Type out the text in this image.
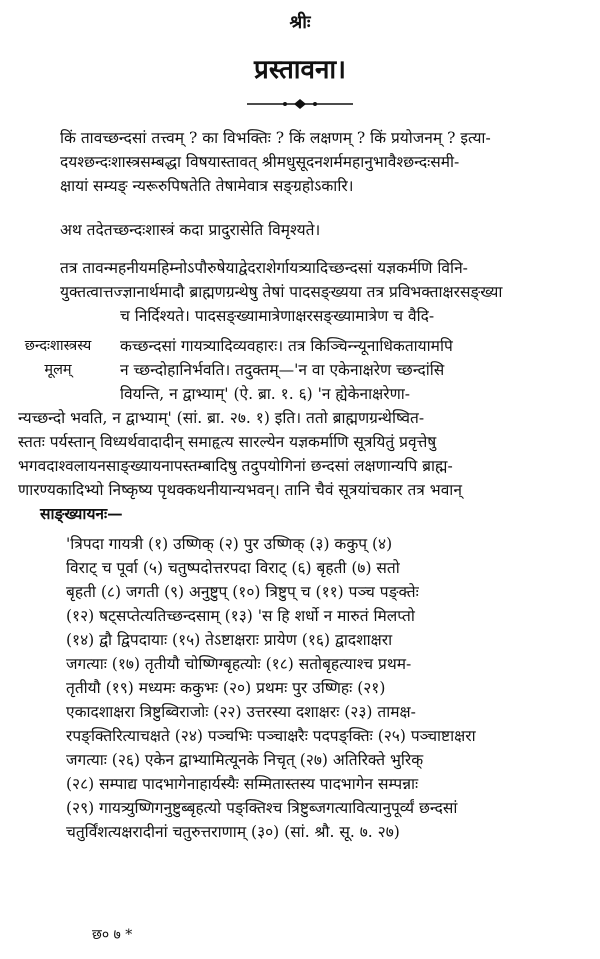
श्रीः
प्रस्तावना।
किं तावच्छन्दसां तत्त्वम् ? का विभक्तिः ? किं लक्षणम् ? किं प्रयोजनम् ? इत्या-
दयश्छन्दःशास्त्रसम्बद्धा विषयास्तावत् श्रीमधुसूदनशर्ममहानुभावैश्छन्दःसमी-
क्षायां सम्यङ् न्यरूरुपिषतेति तेषामेवात्र सङ्ग्रहोऽकारि।
अथ तदेतच्छन्दःशास्त्रं कदा प्रादुरासेति विमृश्यते।
तत्र तावन्महनीयमहिम्नोऽपौरुषेयाद्वेदराशेर्गायत्र्यादिच्छन्दसां यज्ञकर्मणि विनि-
युक्तत्वात्तज्ज्ञानार्थमादौ ब्राह्मणग्रन्थेषु तेषां पादसङ्ख्यया तत्र प्रविभक्ताक्षरसङ्ख्या
च निर्दिश्यते। पादसङ्ख्यामात्रेणाक्षरसङ्ख्यामात्रेण च वैदि-
छन्दःशास्त्रस्य
मूलम्
कच्छन्दसां गायत्र्यादिव्यवहारः। तत्र किञ्चिन्न्यूनाधिकतायामपि
न च्छन्दोहानिर्भवति। तदुक्तम्—'न वा एकेनाक्षरेण च्छन्दांसि
वियन्ति, न द्वाभ्याम्' (ऐ. ब्रा. १. ६) 'न ह्येकेनाक्षरेणा-
न्यच्छन्दो भवति, न द्वाभ्याम्' (सां. ब्रा. २७. १) इति। ततो ब्राह्मणग्रन्थेष्वित-
स्ततः पर्यस्तान् विध्यर्थवादादीन् समाहृत्य सारल्येन यज्ञकर्माणि सूत्रयितुं प्रवृत्तेषु
भगवदाश्वलायनसाङ्ख्यायनापस्तम्बादिषु तदुपयोगिनां छन्दसां लक्षणान्यपि ब्राह्म-
णारण्यकादिभ्यो निष्कृष्य पृथक्कथनीयान्यभवन्। तानि चैवं सूत्रयांचकार तत्र भवान्
साङ्ख्यायनः—
'त्रिपदा गायत्री (१) उष्णिक् (२) पुर उष्णिक् (३) ककुप् (४)
विराट् च पूर्वा (५) चतुष्पदोत्तरपदा विराट् (६) बृहती (७) सतो
बृहती (८) जगती (९) अनुष्टुप् (१०) त्रिष्टुप् च (११) पञ्च पङ्क्तेः
(१२) षट्सप्तेत्यतिच्छन्दसाम् (१३) 'स हि शर्धो न मारुतं मिलप्तो
(१४) द्वौ द्विपदायाः (१५) तेऽष्टाक्षराः प्रायेण (१६) द्वादशाक्षरा
जगत्याः (१७) तृतीयौ चोष्णिग्बृहत्योः (१८) सतोबृहत्याश्च प्रथम-
तृतीयौ (१९) मध्यमः ककुभः (२०) प्रथमः पुर उष्णिहः (२१)
एकादशाक्षरा त्रिष्टुब्विराजोः (२२) उत्तरस्या दशाक्षरः (२३) तामक्ष-
रपङ्क्तिरित्याचक्षते (२४) पञ्चभिः पञ्चाक्षरैः पदपङ्क्तिः (२५) पञ्चाष्टाक्षरा
जगत्याः (२६) एकेन द्वाभ्यामित्यूनके निचृत् (२७) अतिरिक्ते भुरिक्
(२८) सम्पाद्य पादभागेनाहार्यस्यैः सम्मितास्तस्य पादभागेन सम्पन्नाः
(२९) गायत्र्युष्णिगनुष्टुब्बृहत्यो पङ्क्तिश्च त्रिष्टुब्जगत्यावित्यानुपूर्व्यं छन्दसां
चतुर्विंशत्यक्षरादीनां चतुरुत्तराणाम् (३०) (सां. श्रौ. सू. ७. २७)
छ० ७ *
